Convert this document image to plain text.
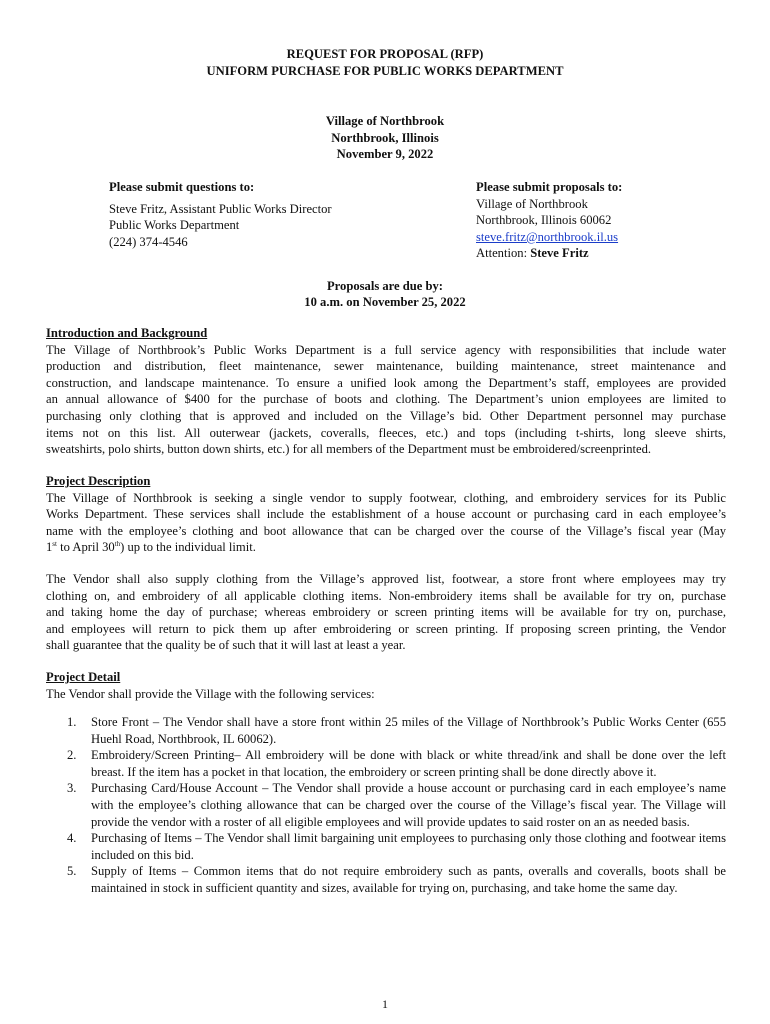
REQUEST FOR PROPOSAL (RFP)
UNIFORM PURCHASE FOR PUBLIC WORKS DEPARTMENT
Village of Northbrook
Northbrook, Illinois
November 9, 2022
Please submit questions to:
Steve Fritz, Assistant Public Works Director
Public Works Department
(224) 374-4546
Please submit proposals to:
Village of Northbrook
Northbrook, Illinois 60062
steve.fritz@northbrook.il.us
Attention: Steve Fritz
Proposals are due by:
10 a.m. on November 25, 2022
Introduction and Background
The Village of Northbrook’s Public Works Department is a full service agency with responsibilities that include water
production and distribution, fleet maintenance, sewer maintenance, building maintenance, street maintenance and
construction, and landscape maintenance. To ensure a unified look among the Department’s staff, employees are provided
an annual allowance of $400 for the purchase of boots and clothing. The Department’s union employees are limited to
purchasing only clothing that is approved and included on the Village’s bid. Other Department personnel may purchase
items not on this list. All outerwear (jackets, coveralls, fleeces, etc.) and tops (including t-shirts, long sleeve shirts,
sweatshirts, polo shirts, button down shirts, etc.) for all members of the Department must be embroidered/screenprinted.
Project Description
The Village of Northbrook is seeking a single vendor to supply footwear, clothing, and embroidery services for its Public
Works Department. These services shall include the establishment of a house account or purchasing card in each employee’s
name with the employee’s clothing and boot allowance that can be charged over the course of the Village’s fiscal year (May
1st to April 30th) up to the individual limit.
The Vendor shall also supply clothing from the Village’s approved list, footwear, a store front where employees may try
clothing on, and embroidery of all applicable clothing items. Non-embroidery items shall be available for try on, purchase
and taking home the day of purchase; whereas embroidery or screen printing items will be available for try on, purchase,
and employees will return to pick them up after embroidering or screen printing. If proposing screen printing, the Vendor
shall guarantee that the quality be of such that it will last at least a year.
Project Detail
The Vendor shall provide the Village with the following services:
1. Store Front – The Vendor shall have a store front within 25 miles of the Village of Northbrook’s Public Works Center (655 Huehl Road, Northbrook, IL 60062).
2. Embroidery/Screen Printing– All embroidery will be done with black or white thread/ink and shall be done over the left breast. If the item has a pocket in that location, the embroidery or screen printing shall be done directly above it.
3. Purchasing Card/House Account – The Vendor shall provide a house account or purchasing card in each employee’s name with the employee’s clothing allowance that can be charged over the course of the Village’s fiscal year. The Village will provide the vendor with a roster of all eligible employees and will provide updates to said roster on an as needed basis.
4. Purchasing of Items – The Vendor shall limit bargaining unit employees to purchasing only those clothing and footwear items included on this bid.
5. Supply of Items – Common items that do not require embroidery such as pants, overalls and coveralls, boots shall be maintained in stock in sufficient quantity and sizes, available for trying on, purchasing, and take home the same day.
1
